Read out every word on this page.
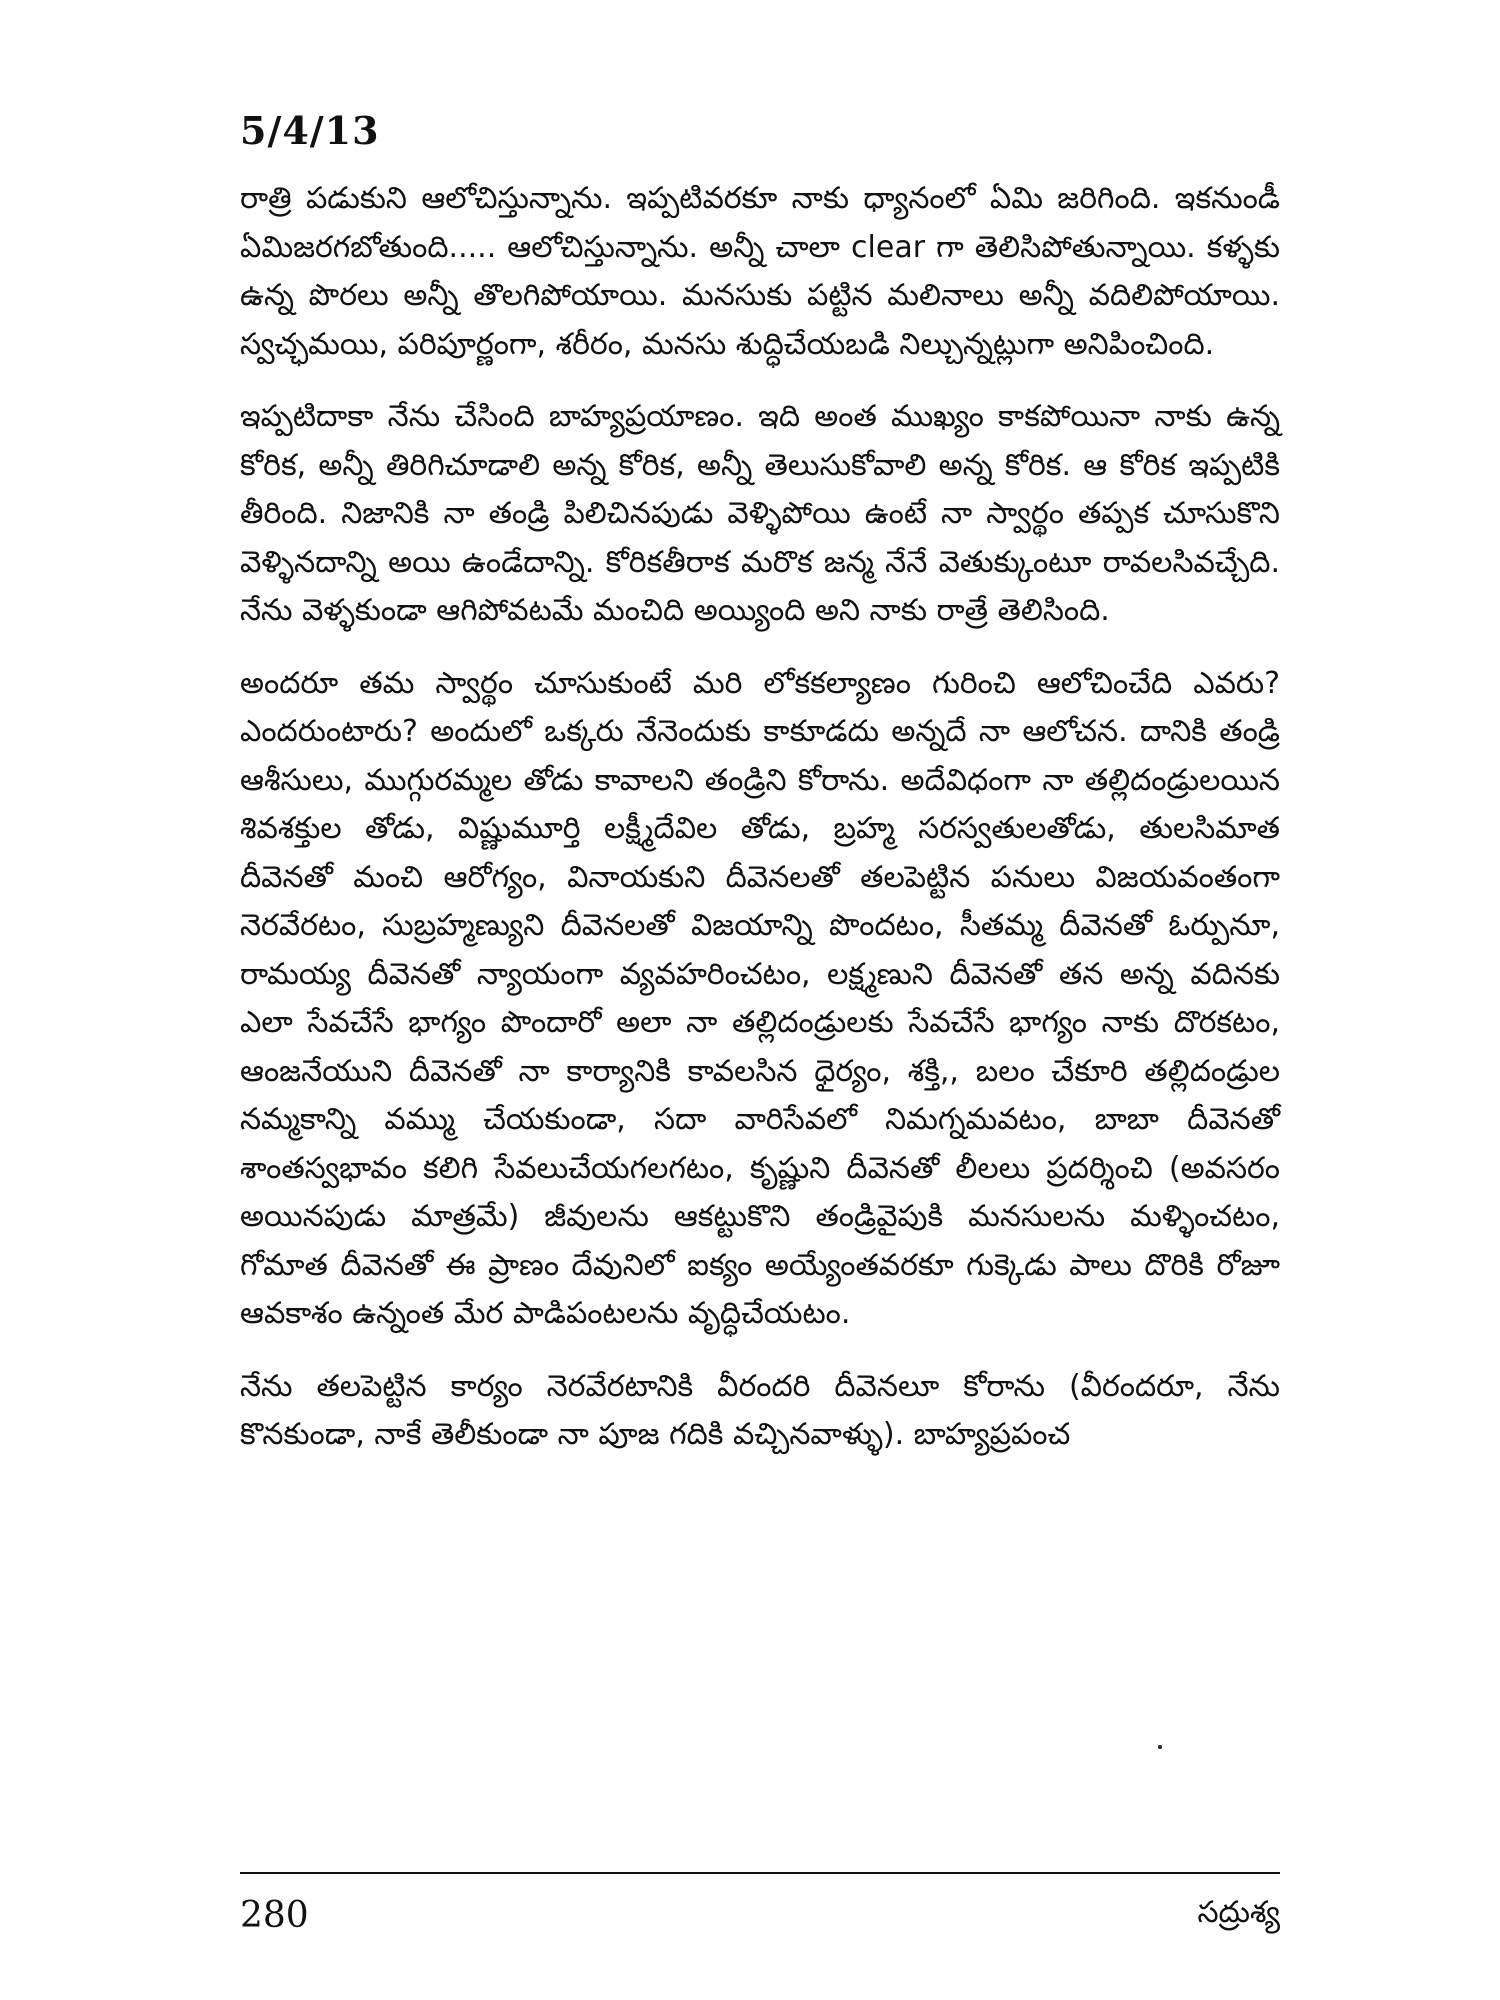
5/4/13

రాత్రి పడుకుని ఆలోచిస్తున్నాను. ఇప్పటివరకూ నాకు ధ్యానంలో ఏమి జరిగింది. ఇకనుండీ ఏమిజరగబోతుంది..... ఆలోచిస్తున్నాను. అన్నీ చాలా clear గా తెలిసిపోతున్నాయి. కళ్ళకు ఉన్న పొరలు అన్నీ తొలగిపోయాయి. మనసుకు పట్టిన మలినాలు అన్నీ వదిలిపోయాయి. స్వచ్ఛమయి, పరిపూర్ణంగా, శరీరం, మనసు శుద్ధిచేయబడి నిల్చున్నట్లుగా అనిపించింది.

ఇప్పటిదాకా నేను చేసింది బాహ్యప్రయాణం. ఇది అంత ముఖ్యం కాకపోయినా నాకు ఉన్న కోరిక, అన్నీ తిరిగిచూడాలి అన్న కోరిక, అన్నీ తెలుసుకోవాలి అన్న కోరిక. ఆ కోరిక ఇప్పటికి తీరింది. నిజానికి నా తండ్రి పిలిచినపుడు వెళ్ళిపోయి ఉంటే నా స్వార్థం తప్పక చూసుకొని వెళ్ళినదాన్ని అయి ఉండేదాన్ని. కోరికతీరాక మరొక జన్మ నేనే వెతుక్కుంటూ రావలసివచ్చేది. నేను వెళ్ళకుండా ఆగిపోవటమే మంచిది అయ్యింది అని నాకు రాత్రే తెలిసింది.

అందరూ తమ స్వార్థం చూసుకుంటే మరి లోకకల్యాణం గురించి ఆలోచించేది ఎవరు? ఎందరుంటారు? అందులో ఒక్కరు నేనెందుకు కాకూడదు అన్నదే నా ఆలోచన. దానికి తండ్రి ఆశీసులు, ముగ్గురమ్మల తోడు కావాలని తండ్రిని కోరాను. అదేవిధంగా నా తల్లిదండ్రులయిన శివశక్తుల తోడు, విష్ణుమూర్తి లక్ష్మీదేవిల తోడు, బ్రహ్మ సరస్వతులతోడు, తులసిమాత దీవెనతో మంచి ఆరోగ్యం, వినాయకుని దీవెనలతో తలపెట్టిన పనులు విజయవంతంగా నెరవేరటం, సుబ్రహ్మణ్యుని దీవెనలతో విజయాన్ని పొందటం, సీతమ్మ దీవెనతో ఓర్పునూ, రామయ్య దీవెనతో న్యాయంగా వ్యవహరించటం, లక్ష్మణుని దీవెనతో తన అన్న వదినకు ఎలా సేవచేసే భాగ్యం పొందారో అలా నా తల్లిదండ్రులకు సేవచేసే భాగ్యం నాకు దొరకటం, ఆంజనేయుని దీవెనతో నా కార్యానికి కావలసిన ధైర్యం, శక్తి,, బలం చేకూరి తల్లిదండ్రుల నమ్మకాన్ని వమ్ము చేయకుండా, సదా వారిసేవలో నిమగ్నమవటం, బాబా దీవెనతో శాంతస్వభావం కలిగి సేవలుచేయగలగటం, కృష్ణుని దీవెనతో లీలలు ప్రదర్శించి (అవసరం అయినపుడు మాత్రమే) జీవులను ఆకట్టుకొని తండ్రివైపుకి మనసులను మళ్ళించటం, గోమాత దీవెనతో ఈ ప్రాణం దేవునిలో ఐక్యం అయ్యేంతవరకూ గుక్కెడు పాలు దొరికి రోజూ ఆవకాశం ఉన్నంత మేర పాడిపంటలను వృద్ధిచేయటం.

నేను తలపెట్టిన కార్యం నెరవేరటానికి వీరందరి దీవెనలూ కోరాను (వీరందరూ, నేను కొనకుండా, నాకే తెలీకుండా నా పూజ గదికి వచ్చినవాళ్ళు). బాహ్యప్రపంచ

280	సద్రుశ్య
